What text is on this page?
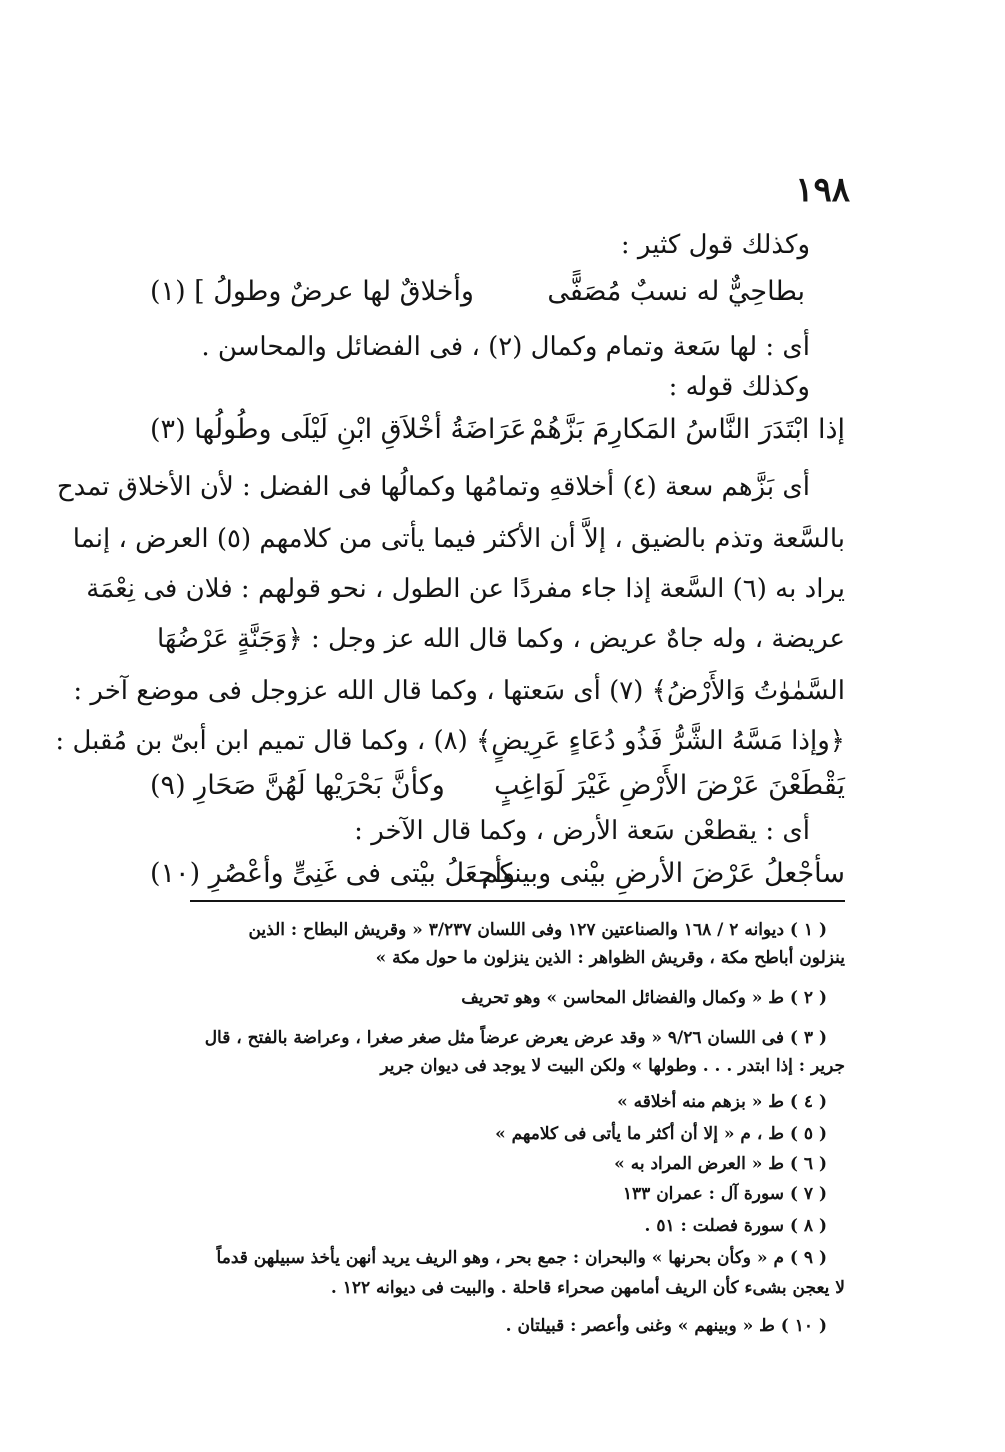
١٩٨
وكذلك قول كثير :
بطاحِيٌّ له نسبٌ مُصَفًّى
وأخلاقٌ لها عرضٌ وطولُ ] (١)
أى : لها سَعة وتمام وكمال (٢) ، فى الفضائل والمحاسن .
وكذلك قوله :
إذا ابْتَدَرَ النَّاسُ المَكارِمَ بَزَّهُمْ
عَرَاضَةُ أخْلاَقِ ابْنِ لَيْلَى وطُولُها (٣)
أى بَزَّهم سعة (٤) أخلاقهِ وتمامُها وكمالُها فى الفضل : لأن الأخلاق تمدح
بالسَّعة وتذم بالضيق ، إلاَّ أن الأكثر فيما يأتى من كلامهم (٥) العرض ، إنما
يراد به (٦) السَّعة إذا جاء مفردًا عن الطول ، نحو قولهم : فلان فى نِعْمَة
عريضة ، وله جاهٌ عريض ، وكما قال الله عز وجل : ﴿وَجَنَّةٍ عَرْضُهَا
السَّمٰوٰتُ وَالأَرْضُ﴾ (٧) أى سَعتها ، وكما قال الله عزوجل فى موضع آخر :
﴿وإذا مَسَّهُ الشَّرُّ فَذُو دُعَاءٍ عَرِيضٍ﴾ (٨) ، وكما قال تميم ابن أبىّ بن مُقبل :
يَقْطَعْنَ عَرْضَ الأَرْضِ غَيْرَ لَوَاغِبٍ
وكأنَّ بَحْرَيْها لَهُنَّ صَحَارِ (٩)
أى : يقطعْن سَعة الأرض ، وكما قال الآخر :
سأجْعلُ عَرْضَ الأرضِ بيْنى وبينكم
وأجعَلُ بيْتى فى غَنِىٍّ وأعْصُرِ (١٠)
( ١ ) ديوانه ٢ / ١٦٨ والصناعتين ١٢٧ وفى اللسان ٣/٢٣٧ « وقريش البطاح : الذين
ينزلون أباطح مكة ، وقريش الظواهر : الذين ينزلون ما حول مكة »
( ٢ ) ط « وكمال والفضائل المحاسن » وهو تحريف
( ٣ ) فى اللسان ٩/٢٦ « وقد عرض يعرض عرضاً مثل صغر صغرا ، وعراضة بالفتح ، قال
جرير : إذا ابتدر . . . وطولها » ولكن البيت لا يوجد فى ديوان جرير
( ٤ ) ط « بزهم منه أخلاقه »
( ٥ ) ط ، م « إلا أن أكثر ما يأتى فى كلامهم »
( ٦ ) ط « العرض المراد به »
( ٧ ) سورة آل : عمران ١٣٣
( ٨ ) سورة فصلت : ٥١ .
( ٩ ) م « وكأن بحرنها » والبحران : جمع بحر ، وهو الريف يريد أنهن يأخذ سبيلهن قدماً
لا يعجن بشىء كأن الريف أمامهن صحراء قاحلة . والبيت فى ديوانه ١٢٢ .
( ١٠ ) ط « وبينهم » وغنى وأعصر : قبيلتان .
